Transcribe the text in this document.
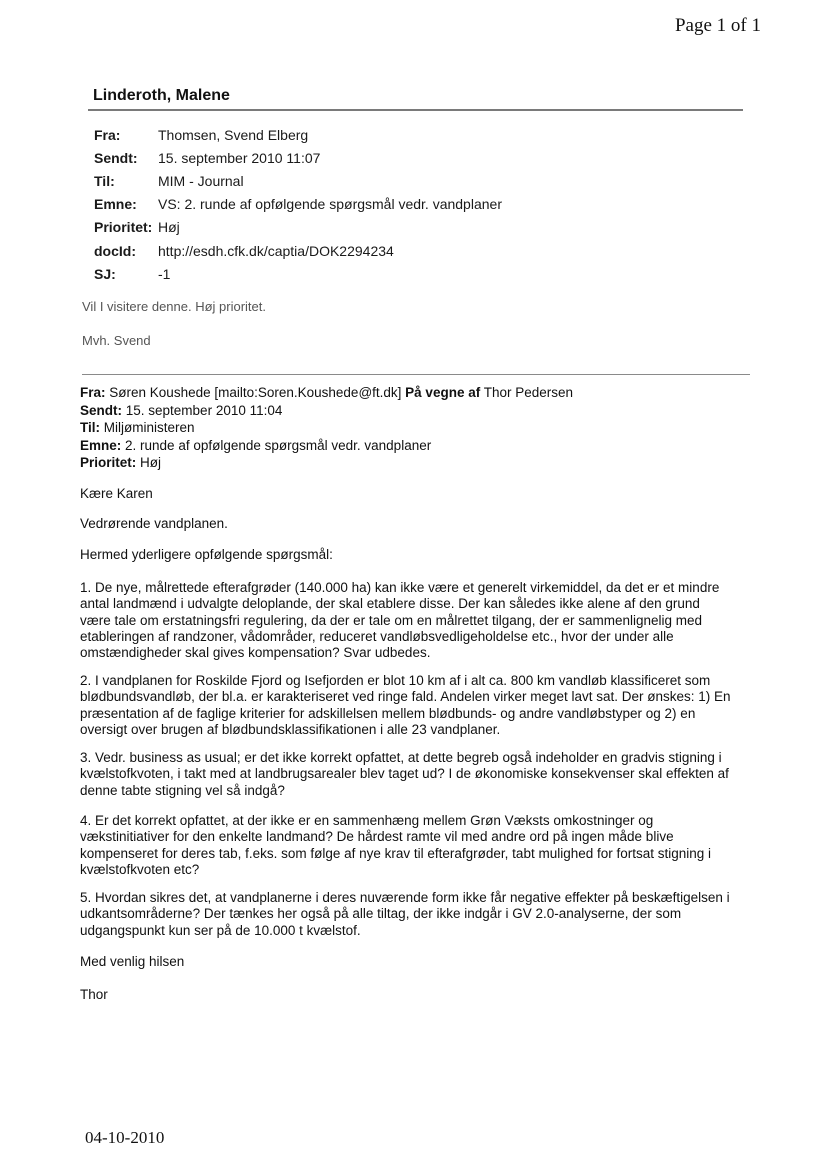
Page 1 of 1
Linderoth, Malene
Fra:	Thomsen, Svend Elberg
Sendt:	15. september 2010 11:07
Til:	MIM - Journal
Emne:	VS: 2. runde af opfølgende spørgsmål vedr. vandplaner
Prioritet: Høj
docId:	http://esdh.cfk.dk/captia/DOK2294234
SJ:	-1
Vil I visitere denne. Høj prioritet.
Mvh. Svend
Fra: Søren Koushede [mailto:Soren.Koushede@ft.dk] På vegne af Thor Pedersen
Sendt: 15. september 2010 11:04
Til: Miljøministeren
Emne: 2. runde af opfølgende spørgsmål vedr. vandplaner
Prioritet: Høj
Kære Karen
Vedrørende vandplanen.
Hermed yderligere opfølgende spørgsmål:
1. De nye, målrettede efterafgrøder (140.000 ha) kan ikke være et generelt virkemiddel, da det er et mindre
antal landmænd i udvalgte deloplande, der skal etablere disse. Der kan således ikke alene af den grund
være tale om erstatningsfri regulering, da der er tale om en målrettet tilgang, der er sammenlignelig med
etableringen af randzoner, vådområder, reduceret vandløbsvedligeholdelse etc., hvor der under alle
omstændigheder skal gives kompensation? Svar udbedes.
2. I vandplanen for Roskilde Fjord og Isefjorden er blot 10 km af i alt ca. 800 km vandløb klassificeret som
blødbundsvandløb, der bl.a. er karakteriseret ved ringe fald. Andelen virker meget lavt sat. Der ønskes: 1) En
præsentation af de faglige kriterier for adskillelsen mellem blødbunds- og andre vandløbstyper og 2) en
oversigt over brugen af blødbundsklassifikationen i alle 23 vandplaner.
3. Vedr. business as usual; er det ikke korrekt opfattet, at dette begreb også indeholder en gradvis stigning i
kvælstofkvoten, i takt med at landbrugsarealer blev taget ud? I de økonomiske konsekvenser skal effekten af
denne tabte stigning vel så indgå?
4. Er det korrekt opfattet, at der ikke er en sammenhæng mellem Grøn Væksts omkostninger og
vækstinitiativer for den enkelte landmand? De hårdest ramte vil med andre ord på ingen måde blive
kompenseret for deres tab, f.eks. som følge af nye krav til efterafgrøder, tabt mulighed for fortsat stigning i
kvælstofkvoten etc?
5. Hvordan sikres det, at vandplanerne i deres nuværende form ikke får negative effekter på beskæftigelsen i
udkantsområderne? Der tænkes her også på alle tiltag, der ikke indgår i GV 2.0-analyserne, der som
udgangspunkt kun ser på de 10.000 t kvælstof.
Med venlig hilsen
Thor
04-10-2010
